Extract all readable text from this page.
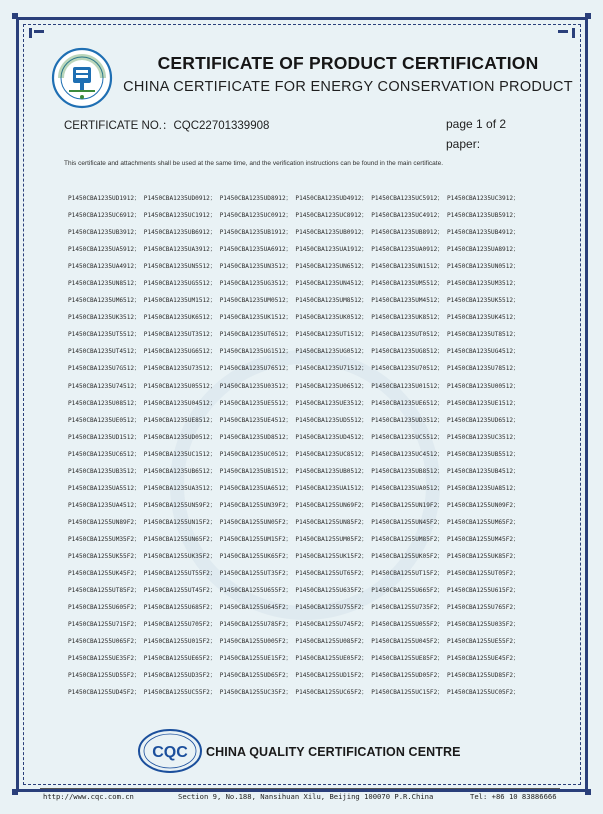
CERTIFICATE OF PRODUCT CERTIFICATION
CHINA CERTIFICATE FOR ENERGY CONSERVATION PRODUCT
CERTIFICATE NO.：CQC22701339908	page 1 of 2
paper:
This certificate and attachments shall be used at the same time, and the verification instructions can be found in the main certificate.
P1450CBA1235UD1912； P1450CBA1235UD0912； P1450CBA1235UD8912； P1450CBA1235UD4912； P1450CBA1235UC5912； P1450CBA1235UC3912；
P1450CBA1235UC6912； P1450CBA1235UC1912； P1450CBA1235UC0912； P1450CBA1235UC8912； P1450CBA1235UC4912； P1450CBA1235UB5912；
P1450CBA1235UB3912； P1450CBA1235UB6912； P1450CBA1235UB1912； P1450CBA1235UB0912； P1450CBA1235UB8912； P1450CBA1235UB4912；
P1450CBA1235UA5912； P1450CBA1235UA3912； P1450CBA1235UA6912； P1450CBA1235UA1912； P1450CBA1235UA0912； P1450CBA1235UA8912；
P1450CBA1235UA4912； P1450CBA1235UN5512； P1450CBA1235UN3512； P1450CBA1235UN6512； P1450CBA1235UN1512； P1450CBA1235UN0512；
P1450CBA1235UN8512； P1450CBA1235UG5512； P1450CBA1235UG3512； P1450CBA1235UN4512； P1450CBA1235UM5512； P1450CBA1235UM3512；
P1450CBA1235UM6512； P1450CBA1235UM1512； P1450CBA1235UM0512； P1450CBA1235UM8512； P1450CBA1235UM4512； P1450CBA1235UK5512；
P1450CBA1235UK3512； P1450CBA1235UK6512； P1450CBA1235UK1512； P1450CBA1235UK0512； P1450CBA1235UK8512； P1450CBA1235UK4512；
P1450CBA1235UT5512； P1450CBA1235UT3512； P1450CBA1235UT6512； P1450CBA1235UT1512； P1450CBA1235UT0512； P1450CBA1235UT8512；
P1450CBA1235UT4512； P1450CBA1235UG6512； P1450CBA1235UG1512； P1450CBA1235UG0512； P1450CBA1235UG8512； P1450CBA1235UG4512；
P1450CBA1235U7G512； P1450CBA1235U73512； P1450CBA1235U76512； P1450CBA1235U71512； P1450CBA1235U70512； P1450CBA1235U78512；
P1450CBA1235U74512； P1450CBA1235U05512； P1450CBA1235U03512； P1450CBA1235U06512； P1450CBA1235U01512； P1450CBA1235U00512；
P1450CBA1235U08512； P1450CBA1235U04512； P1450CBA1235UE5512； P1450CBA1235UE3512； P1450CBA1235UE6512； P1450CBA1235UE1512；
P1450CBA1235UE0512； P1450CBA1235UE8512； P1450CBA1235UE4512； P1450CBA1235UD5512； P1450CBA1235UD3512； P1450CBA1235UD6512；
P1450CBA1235UD1512； P1450CBA1235UD0512； P1450CBA1235UD8512； P1450CBA1235UD4512； P1450CBA1235UC5512； P1450CBA1235UC3512；
P1450CBA1235UC6512； P1450CBA1235UC1512； P1450CBA1235UC0512； P1450CBA1235UC8512； P1450CBA1235UC4512； P1450CBA1235UB5512；
P1450CBA1235UB3512； P1450CBA1235UB6512； P1450CBA1235UB1512； P1450CBA1235UB0512； P1450CBA1235UB8512； P1450CBA1235UB4512；
P1450CBA1235UA5512； P1450CBA1235UA3512； P1450CBA1235UA6512； P1450CBA1235UA1512； P1450CBA1235UA0512； P1450CBA1235UA8512；
P1450CBA1235UA4512； P1450CBA1255UN59F2； P1450CBA1255UN39F2； P1450CBA1255UN69F2； P1450CBA1255UN19F2； P1450CBA1255UN09F2；
P1450CBA1255UN89F2； P1450CBA1255UN15F2； P1450CBA1255UN05F2； P1450CBA1255UN85F2； P1450CBA1255UN45F2； P1450CBA1255UM65F2；
P1450CBA1255UM35F2； P1450CBA1255UN65F2； P1450CBA1255UM15F2； P1450CBA1255UM05F2； P1450CBA1255UM85F2； P1450CBA1255UM45F2；
P1450CBA1255UK55F2； P1450CBA1255UK35F2； P1450CBA1255UK65F2； P1450CBA1255UK15F2； P1450CBA1255UK05F2； P1450CBA1255UK85F2；
P1450CBA1255UK45F2； P1450CBA1255UT55F2； P1450CBA1255UT35F2； P1450CBA1255UT65F2； P1450CBA1255UT15F2； P1450CBA1255UT05F2；
P1450CBA1255UT85F2； P1450CBA1255UT45F2； P1450CBA1255U655F2； P1450CBA1255U635F2； P1450CBA1255U665F2； P1450CBA1255U615F2；
P1450CBA1255U605F2； P1450CBA1255U685F2； P1450CBA1255U645F2； P1450CBA1255U755F2； P1450CBA1255U735F2； P1450CBA1255U765F2；
P1450CBA1255U715F2； P1450CBA1255U705F2； P1450CBA1255U785F2； P1450CBA1255U745F2； P1450CBA1255U055F2； P1450CBA1255U035F2；
P1450CBA1255U065F2； P1450CBA1255U015F2； P1450CBA1255U005F2； P1450CBA1255U085F2； P1450CBA1255U045F2； P1450CBA1255UE55F2；
P1450CBA1255UE35F2； P1450CBA1255UE65F2； P1450CBA1255UE15F2； P1450CBA1255UE05F2； P1450CBA1255UE85F2； P1450CBA1255UE45F2；
P1450CBA1255UD55F2； P1450CBA1255UD35F2； P1450CBA1255UD65F2； P1450CBA1255UD15F2； P1450CBA1255UD05F2； P1450CBA1255UD85F2；
P1450CBA1255UD45F2； P1450CBA1255UC55F2； P1450CBA1255UC35F2； P1450CBA1255UC65F2； P1450CBA1255UC15F2； P1450CBA1255UC05F2；
CQC CHINA QUALITY CERTIFICATION CENTRE
http://www.cqc.com.cn	Section 9, No.188, Nansihuan Xilu, Beijing 100070 P.R.China	Tel: +86 10 83886666
